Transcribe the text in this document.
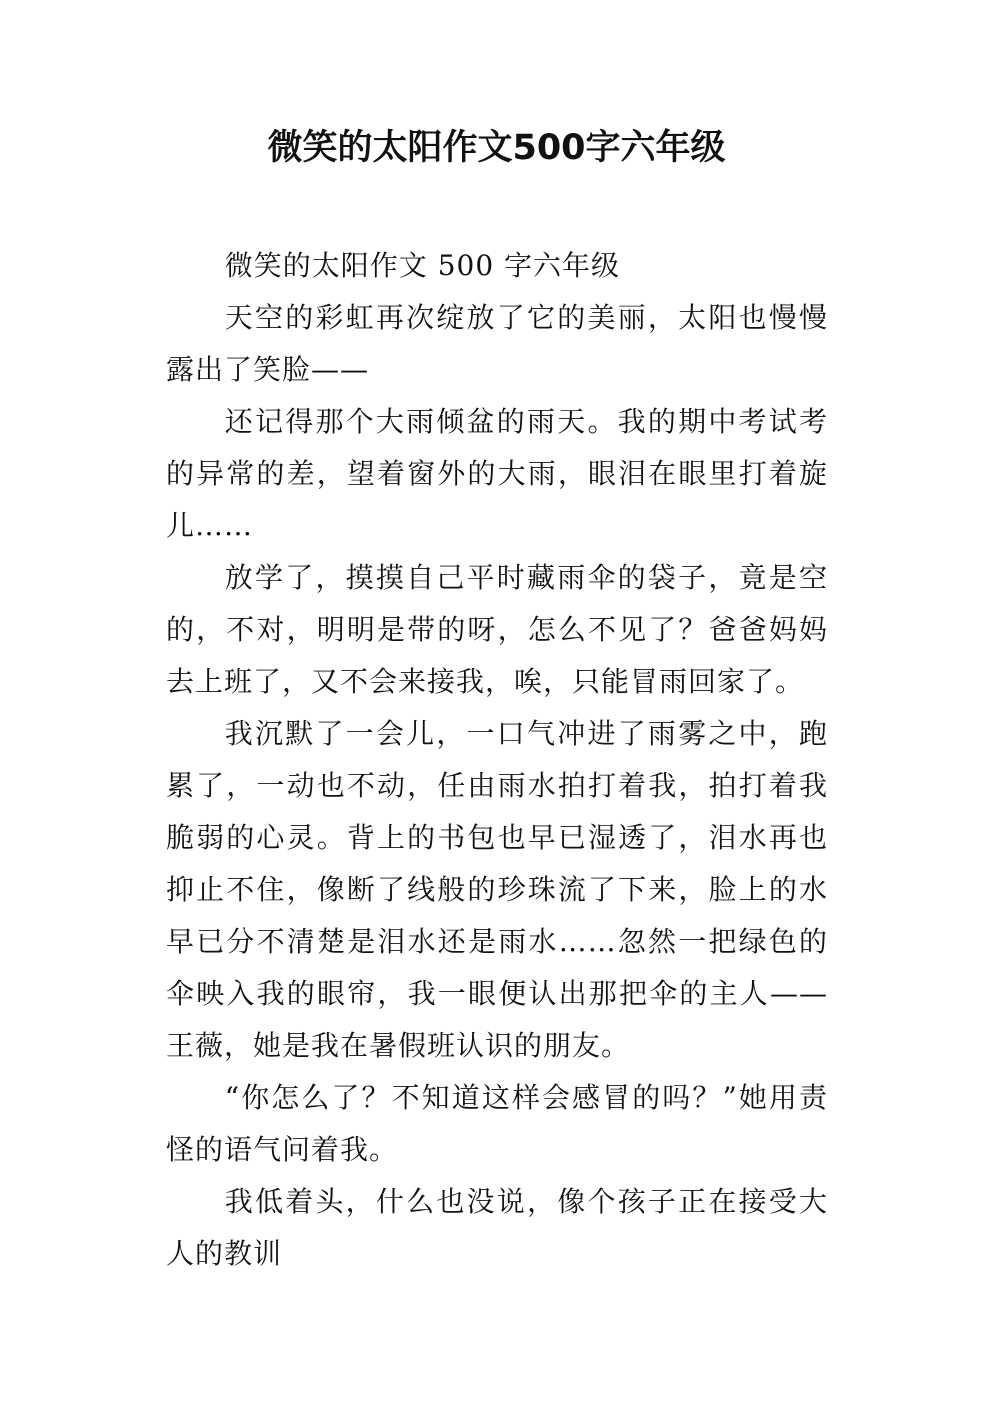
微笑的太阳作文500字六年级

微笑的太阳作文 500 字六年级

天空的彩虹再次绽放了它的美丽，太阳也慢慢露出了笑脸——

还记得那个大雨倾盆的雨天。我的期中考试考的异常的差，望着窗外的大雨，眼泪在眼里打着旋儿……

放学了，摸摸自己平时藏雨伞的袋子，竟是空的，不对，明明是带的呀，怎么不见了？爸爸妈妈去上班了，又不会来接我，唉，只能冒雨回家了。

我沉默了一会儿，一口气冲进了雨雾之中，跑累了，一动也不动，任由雨水拍打着我，拍打着我脆弱的心灵。背上的书包也早已湿透了，泪水再也抑止不住，像断了线般的珍珠流了下来，脸上的水早已分不清楚是泪水还是雨水……忽然一把绿色的伞映入我的眼帘，我一眼便认出那把伞的主人——王薇，她是我在暑假班认识的朋友。

“你怎么了？不知道这样会感冒的吗？”她用责怪的语气问着我。

我低着头，什么也没说，像个孩子正在接受大人的教训
